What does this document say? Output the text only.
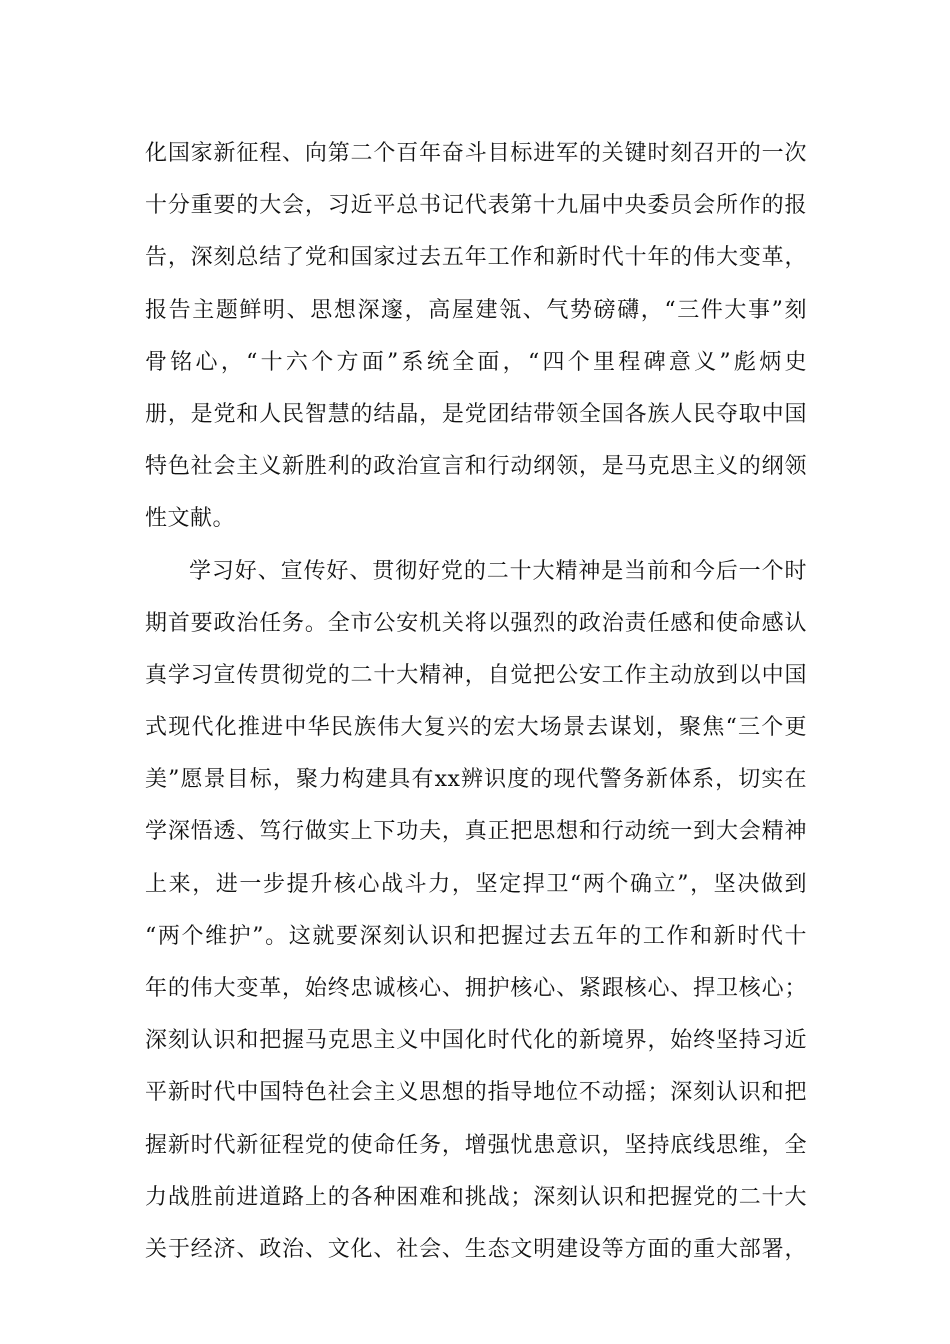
化国家新征程、向第二个百年奋斗目标进军的关键时刻召开的一次
十分重要的大会，习近平总书记代表第十九届中央委员会所作的报
告，深刻总结了党和国家过去五年工作和新时代十年的伟大变革，
报告主题鲜明、思想深邃，高屋建瓴、气势磅礴，“三件大事”刻
骨铭心，“十六个方面”系统全面，“四个里程碑意义”彪炳史
册，是党和人民智慧的结晶，是党团结带领全国各族人民夺取中国
特色社会主义新胜利的政治宣言和行动纲领，是马克思主义的纲领
性文献。
学习好、宣传好、贯彻好党的二十大精神是当前和今后一个时
期首要政治任务。全市公安机关将以强烈的政治责任感和使命感认
真学习宣传贯彻党的二十大精神，自觉把公安工作主动放到以中国
式现代化推进中华民族伟大复兴的宏大场景去谋划，聚焦“三个更
美”愿景目标，聚力构建具有xx辨识度的现代警务新体系，切实在
学深悟透、笃行做实上下功夫，真正把思想和行动统一到大会精神
上来，进一步提升核心战斗力，坚定捍卫“两个确立”，坚决做到
“两个维护”。这就要深刻认识和把握过去五年的工作和新时代十
年的伟大变革，始终忠诚核心、拥护核心、紧跟核心、捍卫核心；
深刻认识和把握马克思主义中国化时代化的新境界，始终坚持习近
平新时代中国特色社会主义思想的指导地位不动摇；深刻认识和把
握新时代新征程党的使命任务，增强忧患意识，坚持底线思维，全
力战胜前进道路上的各种困难和挑战；深刻认识和把握党的二十大
关于经济、政治、文化、社会、生态文明建设等方面的重大部署，
